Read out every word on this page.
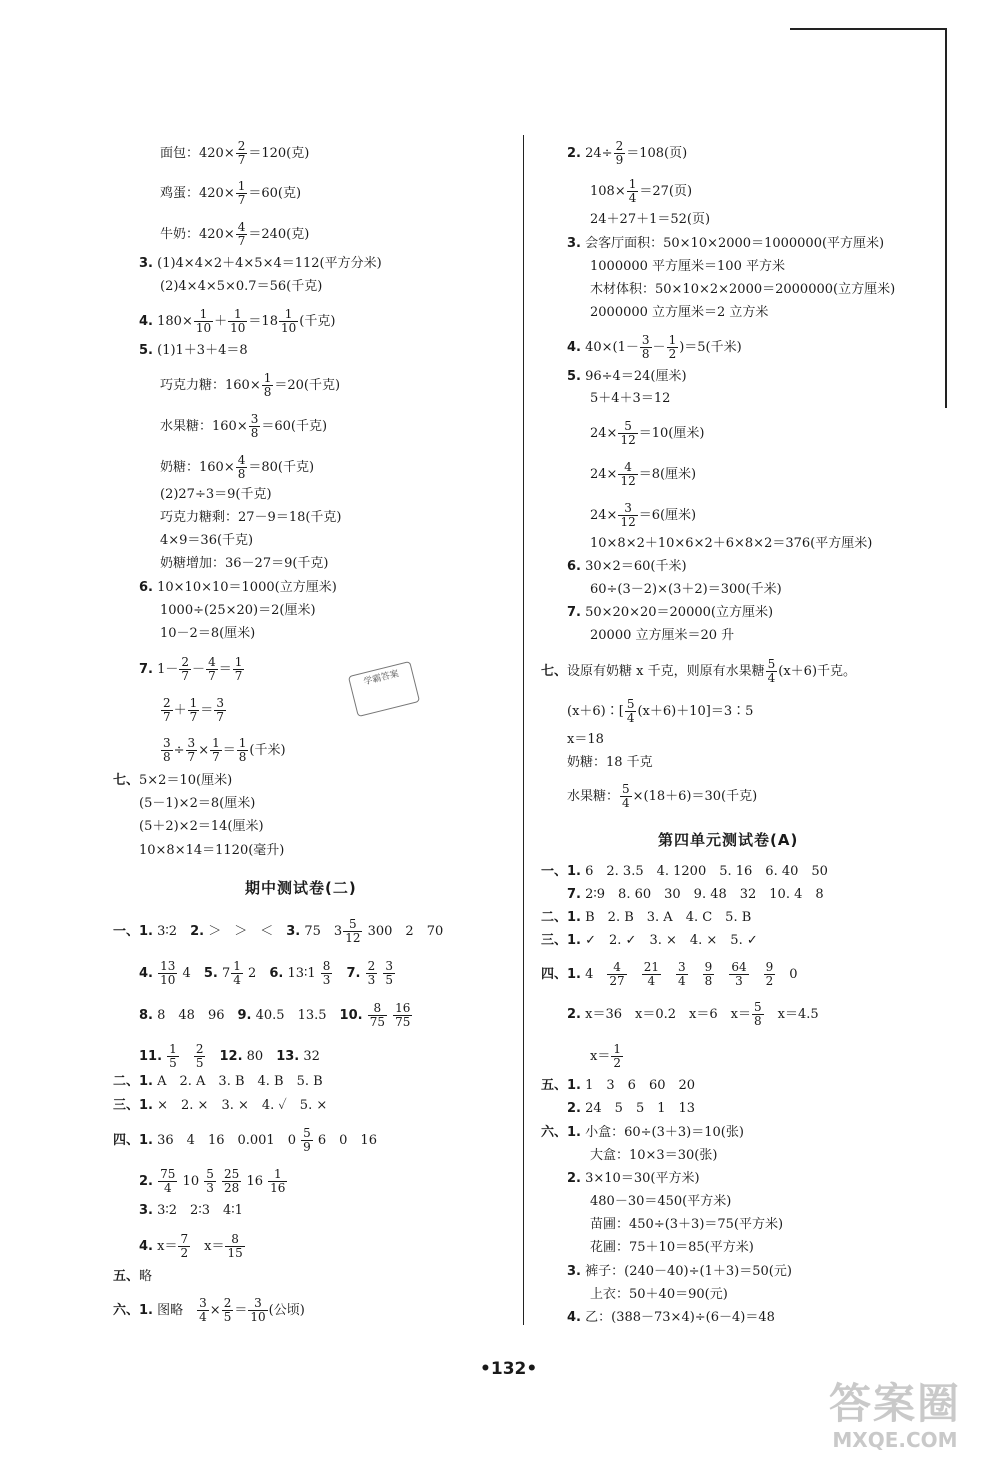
面包：$420\times \frac{2}{7} =120$(克)
鸡蛋：$420\times \frac{1}{7} =60$(克)
牛奶：$420\times \frac{4}{7} =240$(克)
3. (1)4×4×2＋4×5×4＝112(平方分米)
(2)4×4×5×0.7＝56(千克)
4. $180\times \frac{1}{10} + \frac{1}{10} =18 \frac{1}{10}$ (千克)
5. (1)1＋3＋4＝8
巧克力糖：$160\times \frac{1}{8} =20$(千克)
水果糖：$160\times \frac{3}{8} =60$(千克)
奶糖：$160\times \frac{4}{8} =80$(千克)
(2)27÷3＝9(千克)
巧克力糖剩：27－9＝18(千克)
4×9＝36(千克)
奶糖增加：36－27＝9(千克)
6. 10×10×10＝1000(立方厘米)
1000÷(25×20)＝2(厘米)
10－2＝8(厘米)
7. $1- \frac{2}{7} - \frac{4}{7} = \frac{1}{7}$
$\frac{2}{7} + \frac{1}{7} = \frac{3}{7}$
$\frac{3}{8} \div \frac{3}{7} \times \frac{1}{7} = \frac{1}{8}$ (千米)
七、5×2＝10(厘米)
(5－1)×2＝8(厘米)
(5＋2)×2＝14(厘米)
10×8×14＝1120(毫升)
期中测试卷(二)
一、1. 3∶2　 2. ＞　＞　＜　 3. 75　$3 \frac{5}{12} 300$　2　70
4. $\frac{13}{10} 4$　 5. $7 \frac{1}{4} 2$　 6. 13∶1 $\frac{8}{3}$
　 7. $\frac{2}{3}$
$\frac{3}{5}$
8. 8　48　96　 9. 40.5　13.5　 10. $\frac{8}{75}$
$\frac{16}{75}$
11. $\frac{1}{5}$
　 $\frac{2}{5}$
　 12. 80　 13. 32
二、1. A　2. A　3. B　4. B　5. B
三、1. ×　2. ×　3. ×　4. ✓　5. ×
四、1. 36　4　16　0.001　$0 \frac{5}{9} 6$　0　16
2. $\frac{75}{4} 10 \frac{5}{3}$
$\frac{25}{28} 16 \frac{1}{16}$
3. 3∶2　2∶3　4∶1
4. $x= \frac{7}{2}$
　 $x= \frac{8}{15}$
五、略
六、1. 图略　 $\frac{3}{4} \times \frac{2}{5} = \frac{3}{10}$ (公顷)
学霸答案
2. $24\div \frac{2}{9} =108$(页)
$108\times \frac{1}{4} =27$(页)
24＋27＋1＝52(页)
3. 会客厅面积：50×10×2000＝1000000(平方厘米)
1000000 平方厘米＝100 平方米
木材体积：50×10×2×2000＝2000000(立方厘米)
2000000 立方厘米＝2 立方米
4. $40\times(1- \frac{3}{8} - \frac{1}{2} )=5$(千米)
5. 96÷4＝24(厘米)
5＋4＋3＝12
$24\times \frac{5}{12} =10$(厘米)
$24\times \frac{4}{12} =8$(厘米)
$24\times \frac{3}{12} =6$(厘米)
10×8×2＋10×6×2＋6×8×2＝376(平方厘米)
6. 30×2＝60(千米)
60÷(3－2)×(3＋2)＝300(千米)
7. 50×20×20＝20000(立方厘米)
20000 立方厘米＝20 升
七、设原有奶糖 x 千克，则原有水果糖 $\frac{5}{4} (x+6)$千克。
(x＋6)∶[ $\frac{5}{4}$ (x＋6)＋10]＝3∶5
x＝18
奶糖：18 千克
水果糖： $\frac{5}{4} \times(18+6)=30$(千克)
第四单元测试卷(A)
一、1. 6　2. 3.5　4. 1200　5. 16　6. 40　50
7. 2∶9　8. 60　30　9. 48　32　10. 4　8
二、1. B　2. B　3. A　4. C　5. B
三、1. ✓　2. ✓　3. ×　4. ×　5. ✓
四、1. 4　 $\frac{4}{27}$
　 $\frac{21}{4}$
　 $\frac{3}{4}$
　 $\frac{9}{8}$
　 $\frac{64}{3}$
　 $\frac{9}{2}$
　 0
2. x＝36　x＝0.2　x＝6　$x= \frac{5}{8}$
　 x＝4.5
$x= \frac{1}{2}$
五、1. 1　3　6　60　20
2. 24　5　5　1　13
六、1. 小盒：60÷(3＋3)＝10(张)
大盒：10×3＝30(张)
2. 3×10＝30(平方米)
480－30＝450(平方米)
苗圃：450÷(3＋3)＝75(平方米)
花圃：75＋10＝85(平方米)
3. 裤子：(240－40)÷(1＋3)＝50(元)
上衣：50＋40＝90(元)
4. 乙：(388－73×4)÷(6－4)＝48
•132•
答案圈
MXQE.COM
